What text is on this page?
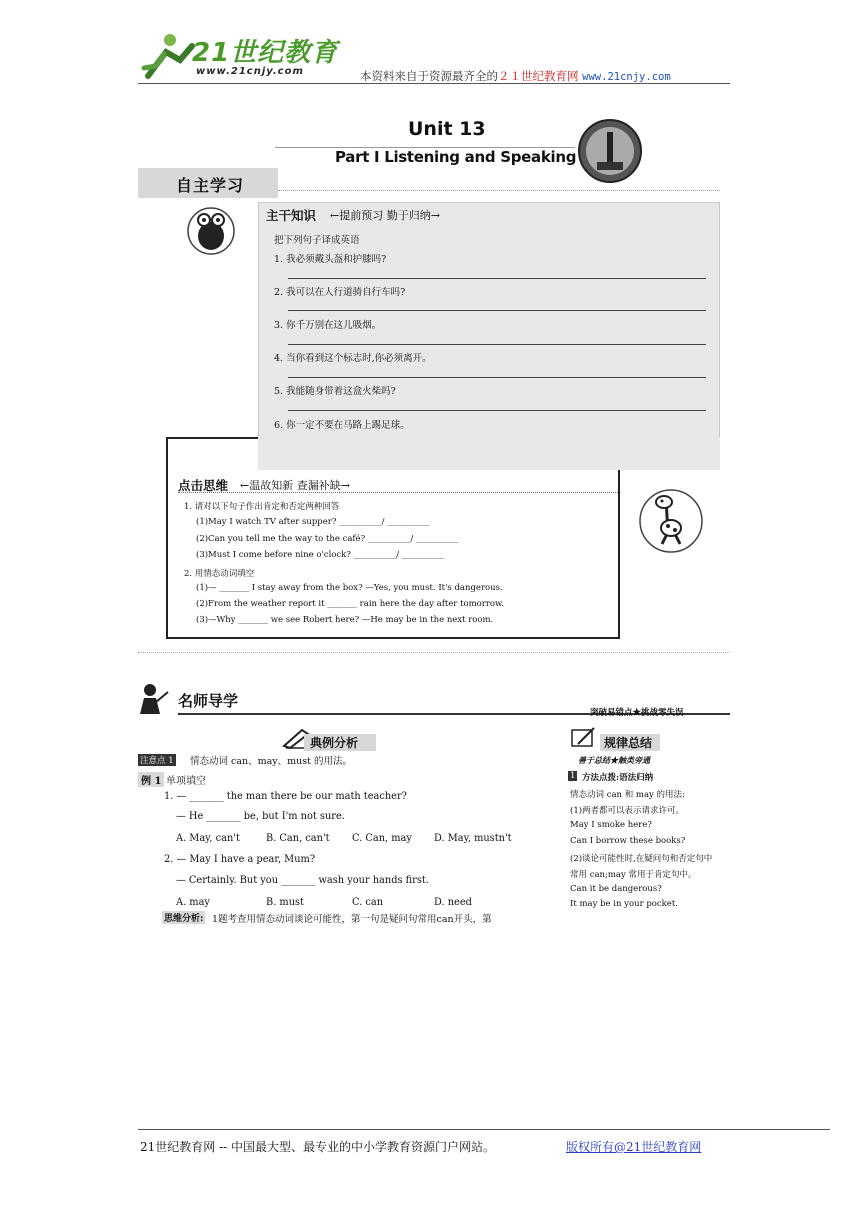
21世纪教育
www.21cnjy.com	本资料来自于资源最齐全的２１世纪教育网 www.21cnjy.com
Unit 13
Part Ⅰ Listening and Speaking
自主学习
主干知识 ←提前预习 勤于归纳→
把下列句子译成英语
1. 我必须戴头盔和护膝吗?
2. 我可以在人行道骑自行车吗?
3. 你千万别在这儿吸烟。
4. 当你看到这个标志时,你必须离开。
5. 我能随身带着这盒火柴吗?
6. 你一定不要在马路上踢足球。
点击思维 ←温故知新 查漏补缺→
1. 请对以下句子作出肯定和否定两种回答
(1)May I watch TV after supper? __________/ __________
(2)Can you tell me the way to the café? __________/ __________
(3)Must I come before nine o'clock? __________/ __________
2. 用情态动词填空
(1)— _______ I stay away from the box? —Yes, you must. It's dangerous.
(2)From the weather report it _______ rain here the day after tomorrow.
(3)—Why _______ we see Robert here? —He may be in the next room.
名师导学
突破易错点★挑战零失误
典例分析	规律总结
善于总结★触类旁通
注意点 1 情态动词 can、may、must 的用法。
例 1 单项填空
1. — _______ the man there be our math teacher?
— He _______ be, but I'm not sure.
A. May, can't	B. Can, can't C. Can, may D. May, mustn't
2. — May I have a pear, Mum?
— Certainly. But you _______ wash your hands first.
A. may	B. must	C. can	D. need
思维分析: 1题考查用情态动词谈论可能性，第一句是疑问句常用can开头，第
1 方法点拨:语法归纳
情态动词 can 和 may 的用法:
(1)两者都可以表示请求许可。
May I smoke here?
Can I borrow these books?
(2)谈论可能性时,在疑问句和否定句中
常用 can;may 常用于肯定句中。
Can it be dangerous?
It may be in your pocket.
21世纪教育网 -- 中国最大型、最专业的中小学教育资源门户网站。	版权所有@21世纪教育网
